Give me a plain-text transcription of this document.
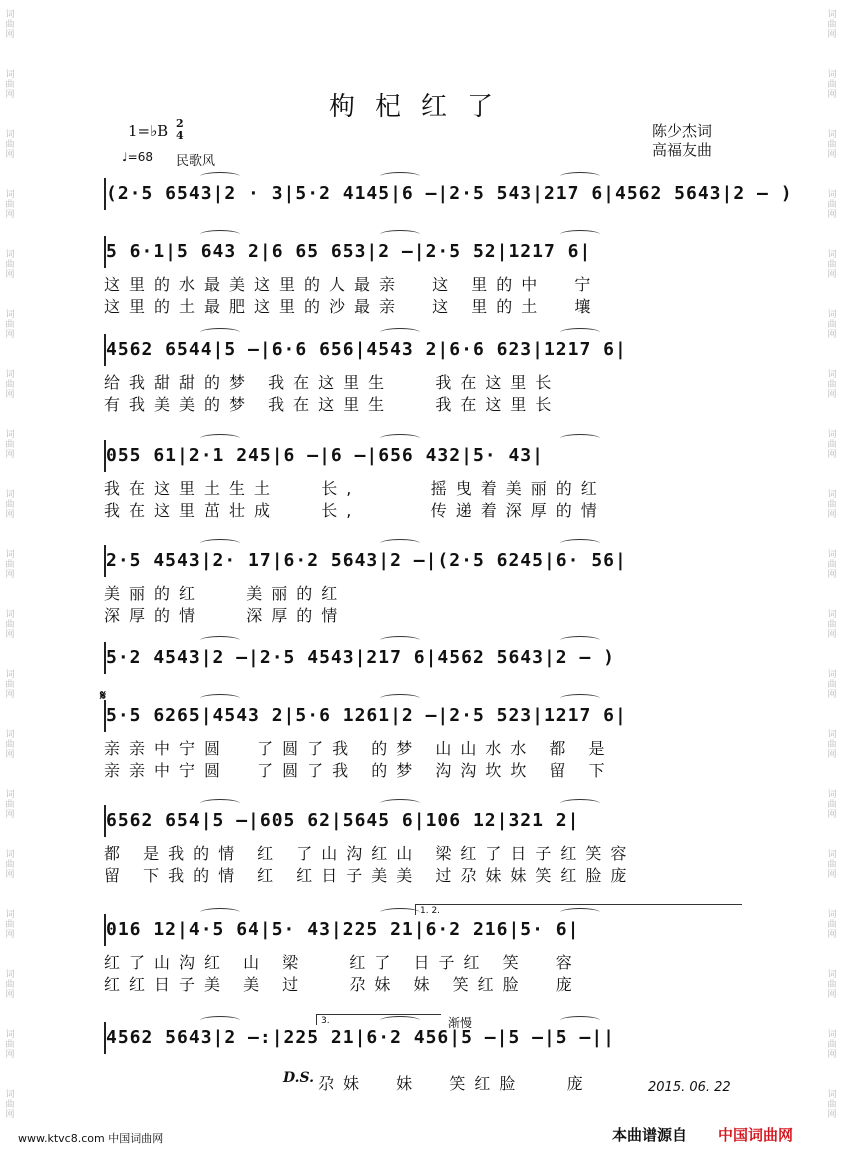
词曲网
词曲网
词曲网
词曲网
词曲网
词曲网
词曲网
词曲网
词曲网
词曲网
词曲网
词曲网
词曲网
词曲网
词曲网
词曲网
词曲网
词曲网
词曲网
词曲网
词曲网
词曲网
词曲网
词曲网
词曲网
词曲网
词曲网
词曲网
词曲网
词曲网
词曲网
词曲网
词曲网
词曲网
词曲网
词曲网
词曲网
词曲网
枸杞红了
1=♭B 2
4
♩=68 民歌风
陈少杰词
高福友曲
(2·5 6543|2 · 3|5·2 4145|6 –|2·5 543|217 6|4562 5643|2 – )
5 6·1|5 643 2|6 65 653|2 –|2·5 52|1217 6|
这里的水最美这里的人最亲  这 里的中  宁
这里的土最肥这里的沙最亲  这 里的土  壤
4562 6544|5 –|6·6 656|4543 2|6·6 623|1217 6|
给我甜甜的梦 我在这里生   我在这里长
有我美美的梦 我在这里生   我在这里长
055 61|2·1 245|6 –|6 –|656 432|5· 43|
我在这里土生土   长,     摇曳着美丽的红
我在这里茁壮成   长,     传递着深厚的情
2·5 4543|2· 17|6·2 5643|2 –|(2·5 6245|6· 56|
美丽的红   美丽的红
深厚的情   深厚的情
5·2 4543|2 –|2·5 4543|217 6|4562 5643|2 – )
5·5 6265|4543 2|5·6 1261|2 –|2·5 523|1217 6|
亲亲中宁圆  了圆了我 的梦 山山水水 都 是
亲亲中宁圆  了圆了我 的梦 沟沟坎坎 留 下
6562 654|5 –|605 62|5645 6|106 12|321 2|
都 是我的情 红 了山沟红山 梁红了日子红笑容
留 下我的情 红 红日子美美 过尕妹妹笑红脸庞
016 12|4·5 64|5· 43|225 21|6·2 216|5· 6|
红了山沟红 山 梁   红了 日子红 笑  容
红红日子美 美 过   尕妹 妹 笑红脸  庞
4562 5643|2 –:|225 21|6·2 456|5 –|5 –|5 –||
1. 2.
3.
𝄋
渐慢
D.S. 尕妹  妹  笑红脸   庞	2015. 06. 22
www.ktvc8.com 中国词曲网	本曲谱源自 中国词曲网
